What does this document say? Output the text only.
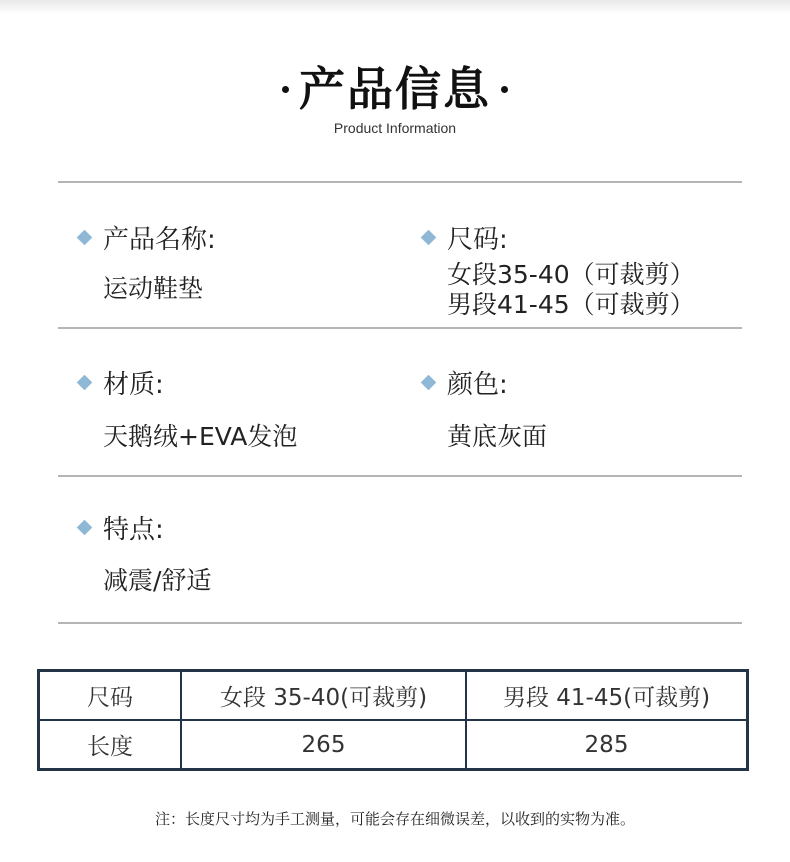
产品信息
Product Information
产品名称:
运动鞋垫
尺码:
女段35-40（可裁剪）
男段41-45（可裁剪）
材质:
天鹅绒+EVA发泡
颜色:
黄底灰面
特点:
减震/舒适
尺码	女段 35-40(可裁剪)	男段 41-45(可裁剪)
长度	265	285
注：长度尺寸均为手工测量，可能会存在细微误差，以收到的实物为准。
